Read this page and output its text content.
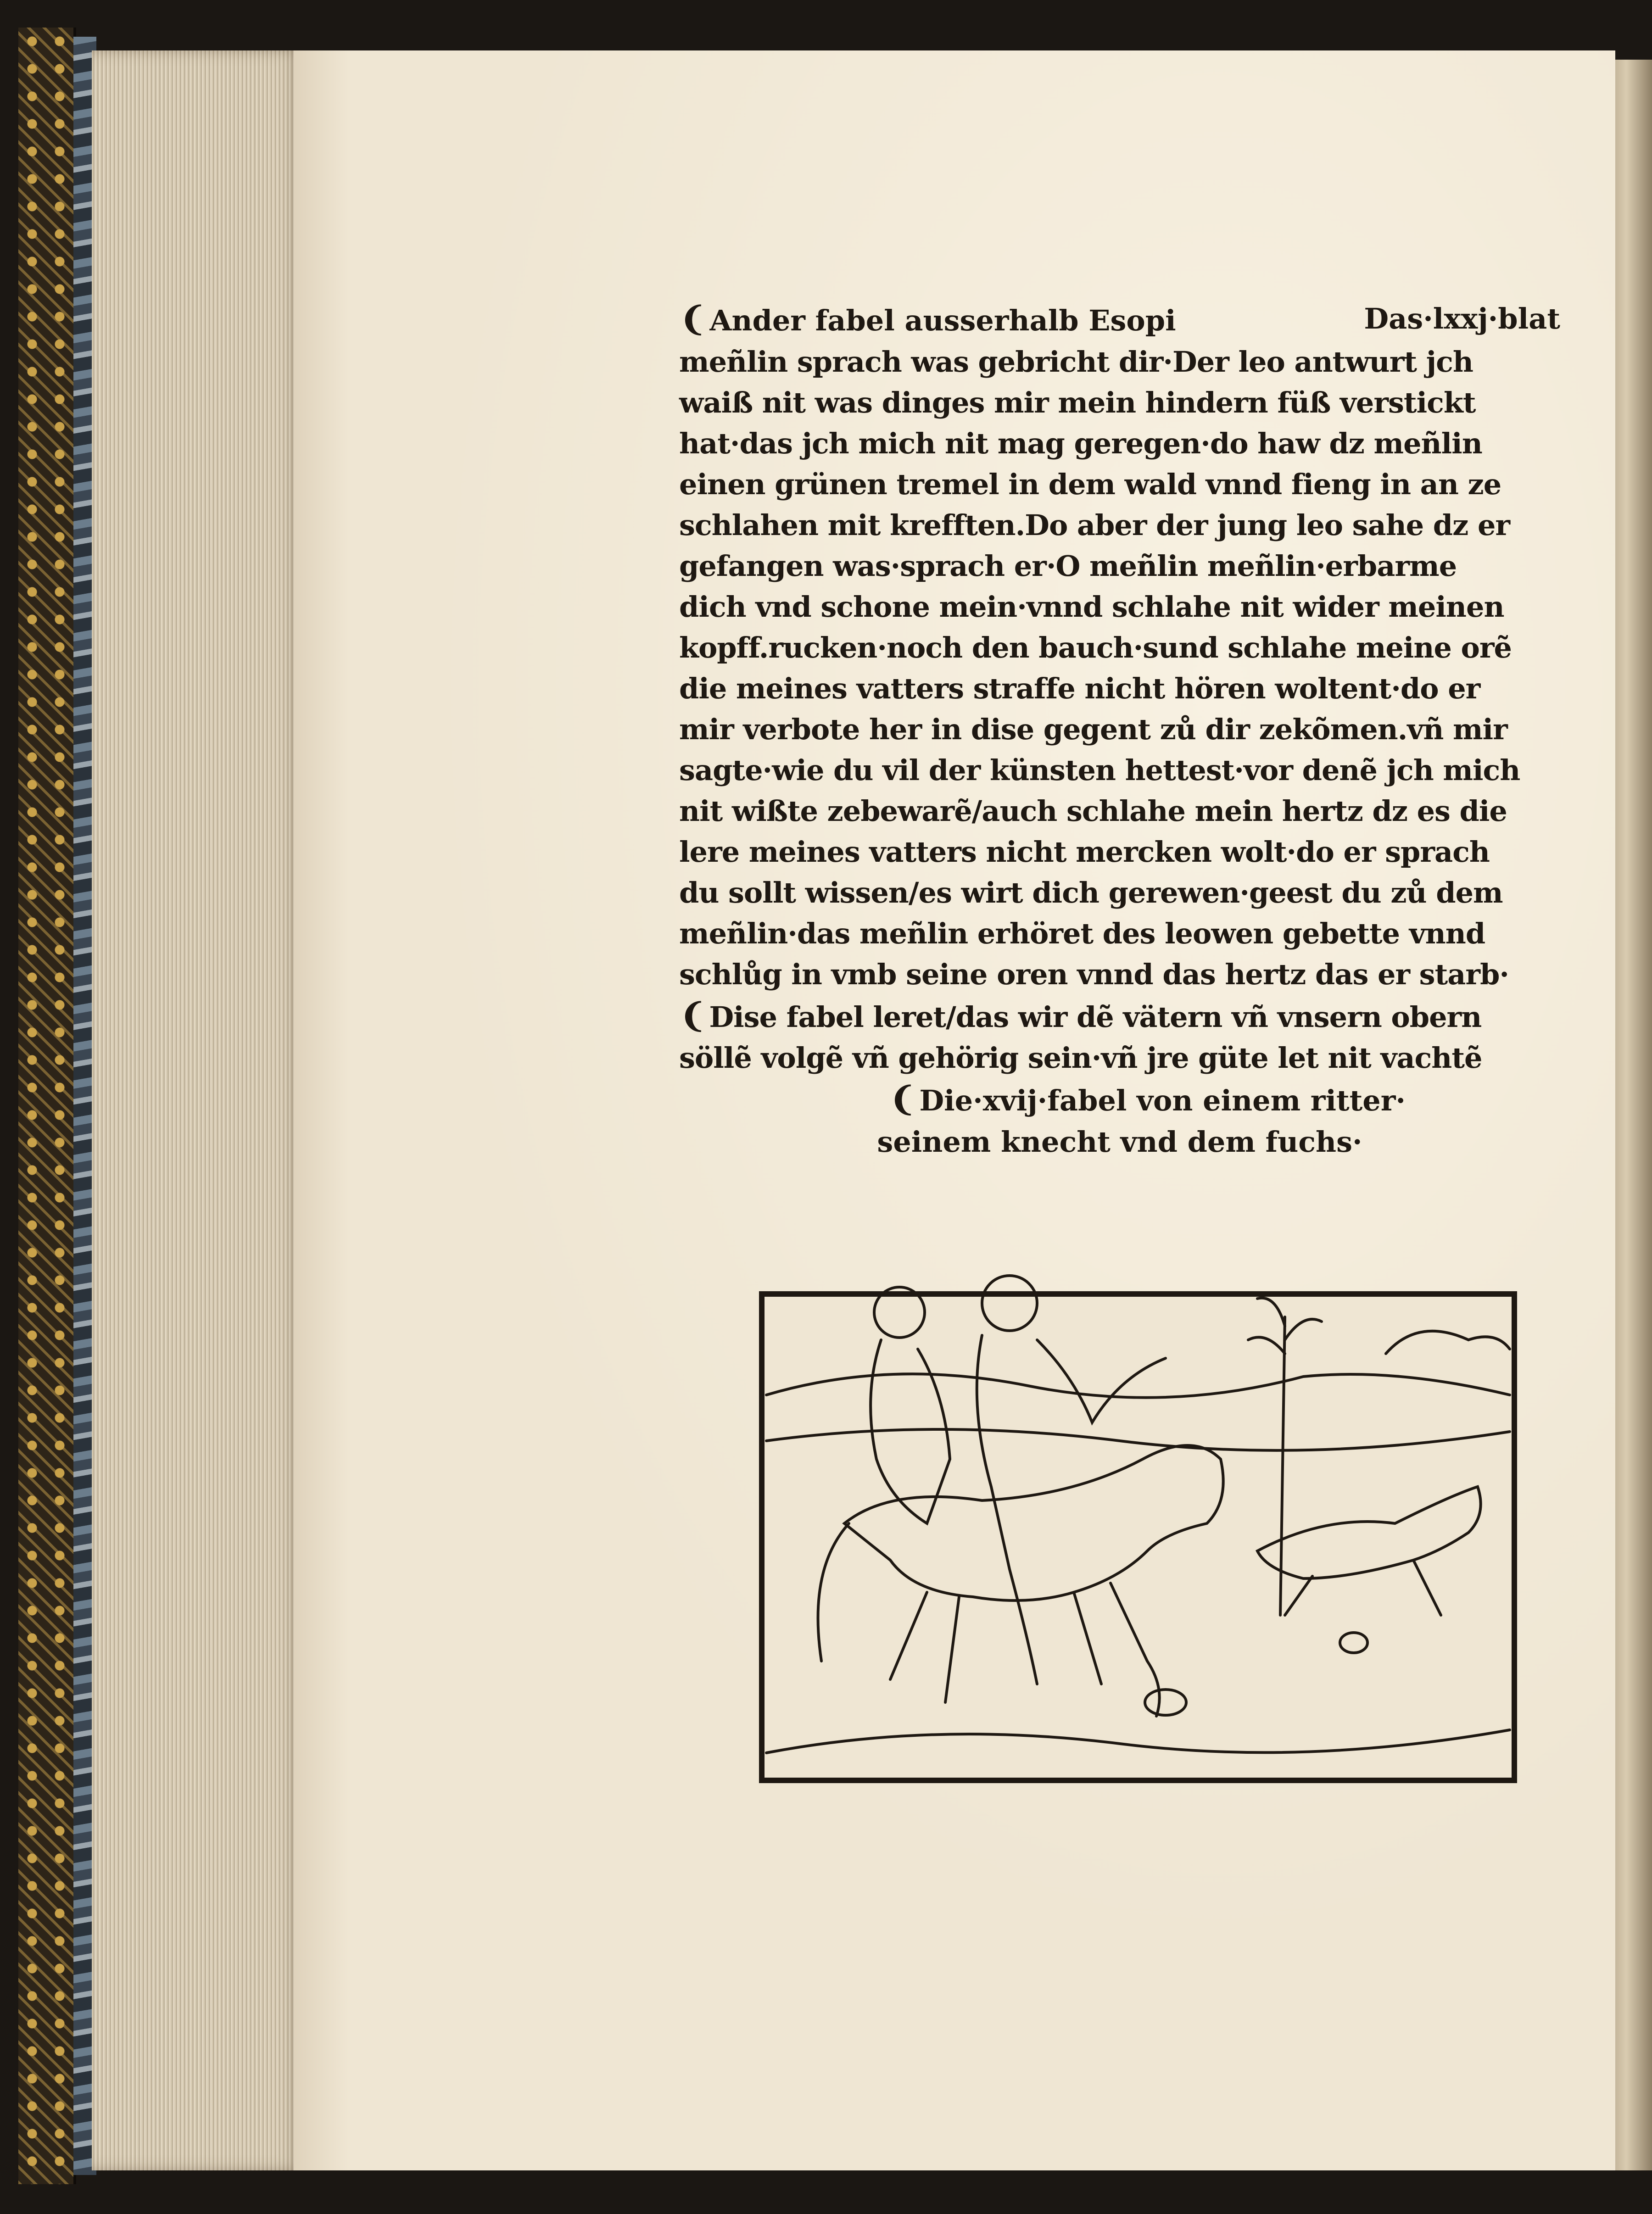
❨Ander fabel ausserhalb Esopi	Das·lxxj·blat
meñlin sprach was gebricht dir·Der leo antwurt jch
waiß nit was dinges mir mein hindern füß verstickt
hat·das jch mich nit mag geregen·do haw dz meñlin
einen grünen tremel in dem wald vnnd fieng in an ze
schlahen mit krefften.Do aber der jung leo sahe dz er
gefangen was·sprach er·O meñlin meñlin·erbarme
dich vnd schone mein·vnnd schlahe nit wider meinen
kopff.rucken·noch den bauch·sund schlahe meine orẽ
die meines vatters straffe nicht hören woltent·do er
mir verbote her in dise gegent zů dir zekõmen.vñ mir
sagte·wie du vil der künsten hettest·vor denẽ jch mich
nit wißte zebewarẽ/auch schlahe mein hertz dz es die
lere meines vatters nicht mercken wolt·do er sprach
du sollt wissen/es wirt dich gerewen·geest du zů dem
meñlin·das meñlin erhöret des leowen gebette vnnd
schlůg in vmb seine oren vnnd das hertz das er starb·
❨Dise fabel leret/das wir dẽ vätern vñ vnsern obern
söllẽ volgẽ vñ gehörig sein·vñ jre güte let nit vachtẽ
❨Die·xvij·fabel von einem ritter·
seinem knecht vnd dem fuchs·
